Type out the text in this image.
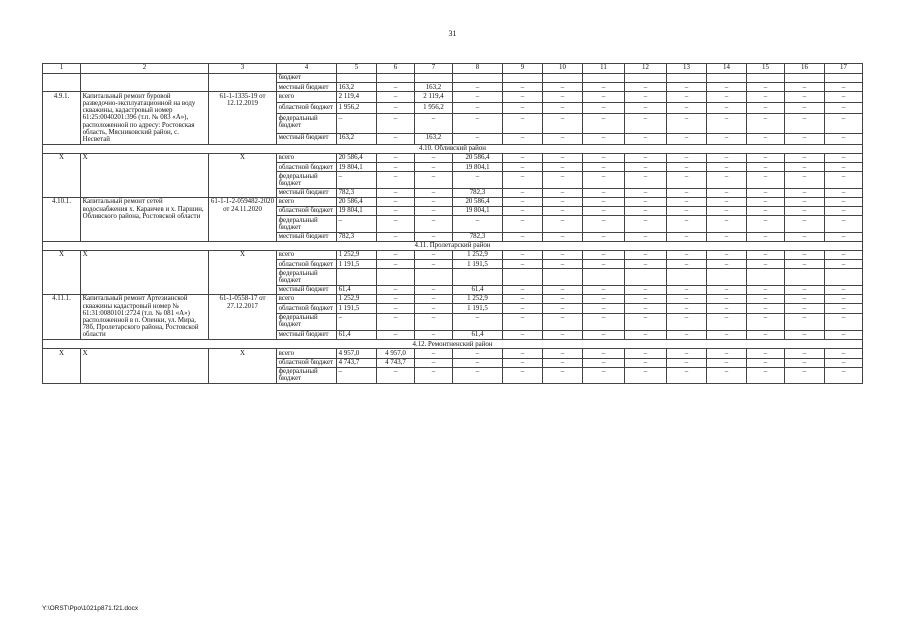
31
1	2	3	4	5	6	7	8	9	10	11	12	13	14	15	16	17
			бюджет													
			местный бюджет	163,2	–	163,2	–	–	–	–	–	–	–	–	–	–
4.9.1.	Капитальный ремонт буровой разведочно-эксплуатационной на воду скважины, кадастровый номер 61:25:0040201:396 (т.п. № 083 «А»), расположенной по адресу: Ростовская область, Мясниковский район, с. Несветай	61-1-1335-19 от 12.12.2019	всего	2 119,4	–	2 119,4	–	–	–	–	–	–	–	–	–	–
			областной бюджет	1 956,2	–	1 956,2	–	–	–	–	–	–	–	–	–	–
			федеральный бюджет	–	–	–	–	–	–	–	–	–	–	–	–	–
			местный бюджет	163,2	–	163,2	–	–	–	–	–	–	–	–	–	–
4.10. Обливский район																
Х	Х	Х	всего	20 586,4	–	–	20 586,4	–	–	–	–	–	–	–	–	–
			областной бюджет	19 804,1	–	–	19 804,1	–	–	–	–	–	–	–	–	–
			федеральный бюджет	–	–	–	–	–	–	–	–	–	–	–	–	–
			местный бюджет	782,3	–	–	782,3	–	–	–	–	–	–	–	–	–
4.10.1.	Капитальный ремонт сетей водоснабжения х. Караичев и х. Паршин, Обливского района, Ростовской области	61-1-1-2-059482-2020 от 24.11.2020	всего	20 586,4	–	–	20 586,4	–	–	–	–	–	–	–	–	–
			областной бюджет	19 804,1	–	–	19 804,1	–	–	–	–	–	–	–	–	–
			федеральный бюджет	–	–	–	–	–	–	–	–	–	–	–	–	–
			местный бюджет	782,3	–	–	782,3	–	–	–	–	–	–	–	–	–
4.11. Пролетарский район																
Х	Х	Х	всего	1 252,9	–	–	1 252,9	–	–	–	–	–	–	–	–	–
			областной бюджет	1 191,5	–	–	1 191,5	–	–	–	–	–	–	–	–	–
			федеральный бюджет													
			местный бюджет	61,4	–	–	61,4	–	–	–	–	–	–	–	–	–
4.11.1.	Капитальный ремонт Артезианской скважины кадастровый номер № 61:31:0080101:2724 (т.п. № 081 «А») расположенной в п. Опенки, ул. Мира, 78б, Пролетарского района, Ростовской области	61-1-0558-17 от 27.12.2017	всего	1 252,9	–	–	1 252,9	–	–	–	–	–	–	–	–	–
			областной бюджет	1 191,5	–	–	1 191,5	–	–	–	–	–	–	–	–	–
			федеральный бюджет	–	–	–	–	–	–	–	–	–	–	–	–	–
			местный бюджет	61,4	–	–	61,4	–	–	–	–	–	–	–	–	–
4.12. Ремонтненский район																
Х	Х	Х	всего	4 957,0	4 957,0	–	–	–	–	–	–	–	–	–	–	–
			областной бюджет	4 743,7	4 743,7	–	–	–	–	–	–	–	–	–	–	–
			федеральный бюджет	–	–	–	–	–	–	–	–	–	–	–	–	–
Y:\ORST\Ppo\1021p871.f21.docx
